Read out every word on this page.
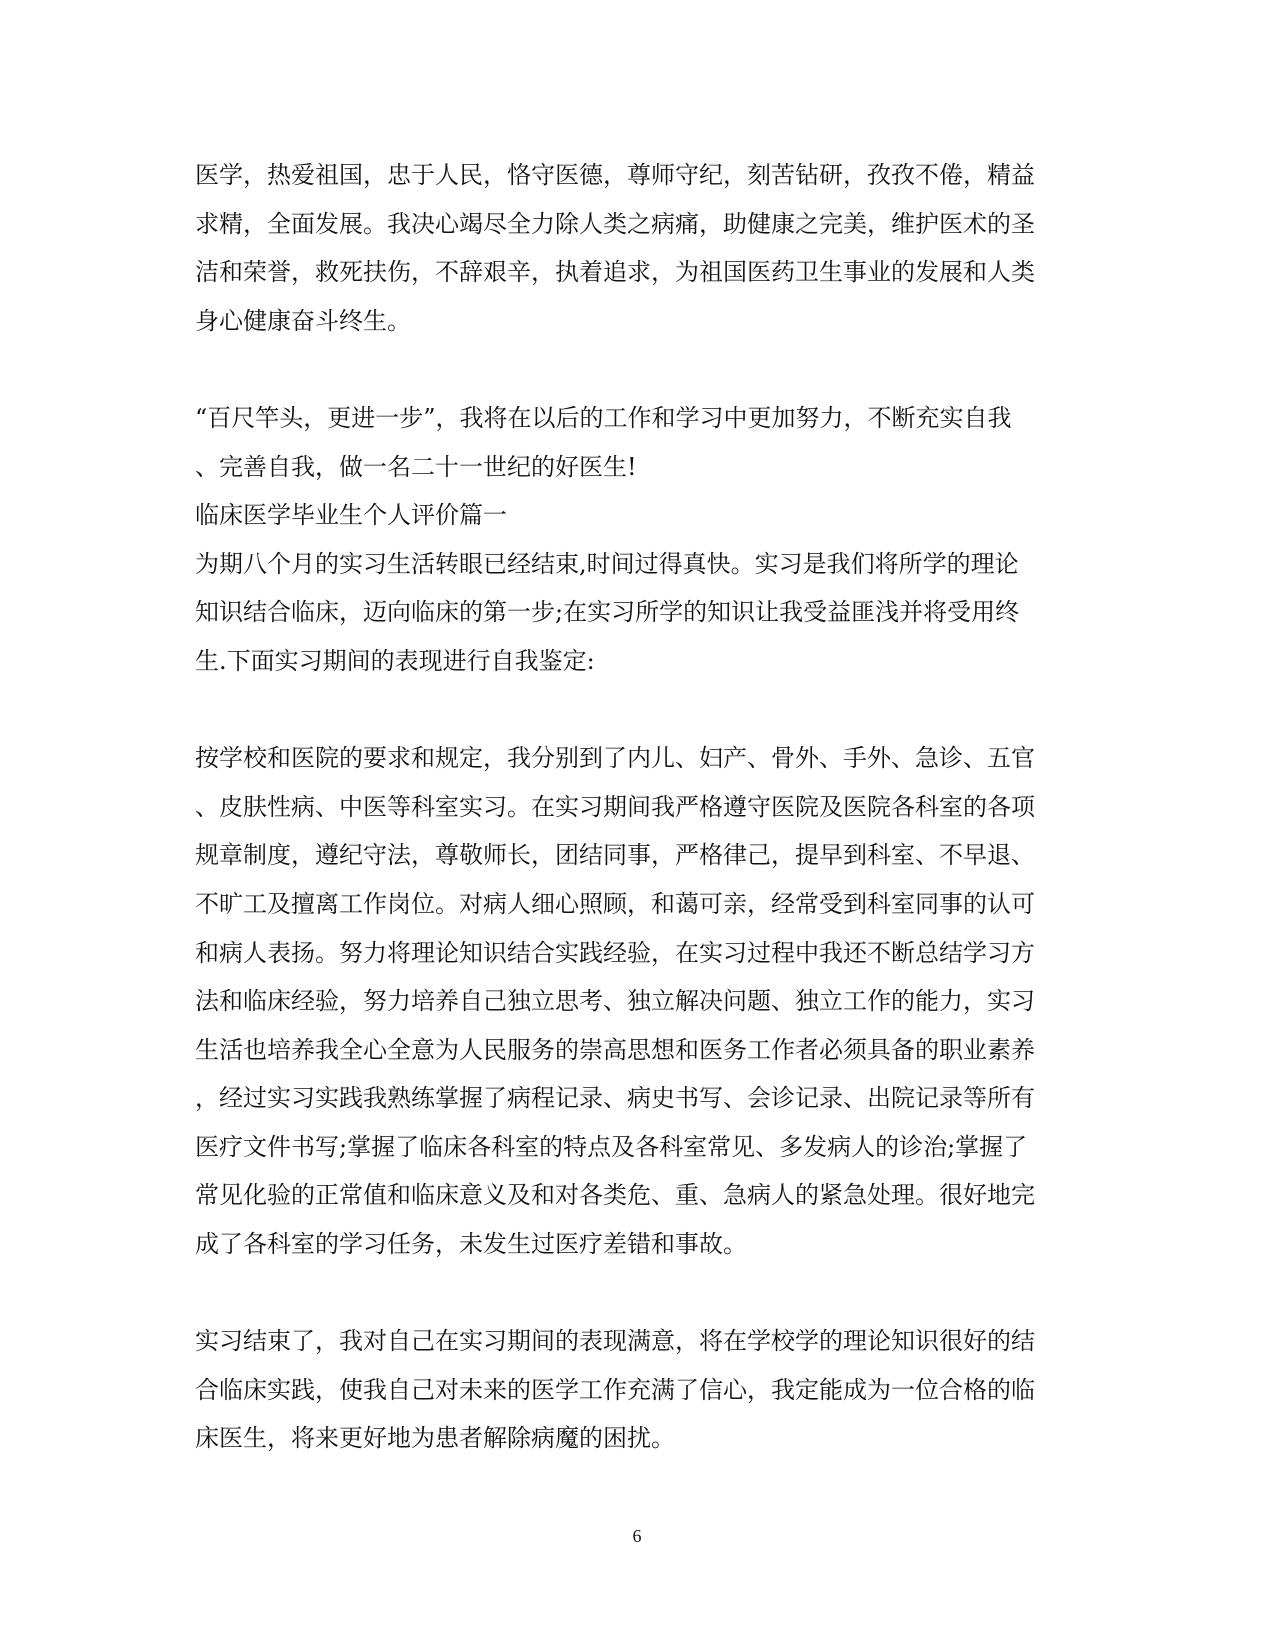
医学，热爱祖国，忠于人民，恪守医德，尊师守纪，刻苦钻研，孜孜不倦，精益
求精，全面发展。我决心竭尽全力除人类之病痛，助健康之完美，维护医术的圣
洁和荣誉，救死扶伤，不辞艰辛，执着追求，为祖国医药卫生事业的发展和人类
身心健康奋斗终生。
“百尺竿头，更进一步”，我将在以后的工作和学习中更加努力，不断充实自我
、完善自我，做一名二十一世纪的好医生!
临床医学毕业生个人评价篇一
为期八个月的实习生活转眼已经结束,时间过得真快。实习是我们将所学的理论
知识结合临床，迈向临床的第一步;在实习所学的知识让我受益匪浅并将受用终
生.下面实习期间的表现进行自我鉴定:
按学校和医院的要求和规定，我分别到了内儿、妇产、骨外、手外、急诊、五官
、皮肤性病、中医等科室实习。在实习期间我严格遵守医院及医院各科室的各项
规章制度，遵纪守法，尊敬师长，团结同事，严格律己，提早到科室、不早退、
不旷工及擅离工作岗位。对病人细心照顾，和蔼可亲，经常受到科室同事的认可
和病人表扬。努力将理论知识结合实践经验，在实习过程中我还不断总结学习方
法和临床经验，努力培养自己独立思考、独立解决问题、独立工作的能力，实习
生活也培养我全心全意为人民服务的崇高思想和医务工作者必须具备的职业素养
，经过实习实践我熟练掌握了病程记录、病史书写、会诊记录、出院记录等所有
医疗文件书写;掌握了临床各科室的特点及各科室常见、多发病人的诊治;掌握了
常见化验的正常值和临床意义及和对各类危、重、急病人的紧急处理。很好地完
成了各科室的学习任务，未发生过医疗差错和事故。
实习结束了，我对自己在实习期间的表现满意，将在学校学的理论知识很好的结
合临床实践，使我自己对未来的医学工作充满了信心，我定能成为一位合格的临
床医生，将来更好地为患者解除病魔的困扰。
6
